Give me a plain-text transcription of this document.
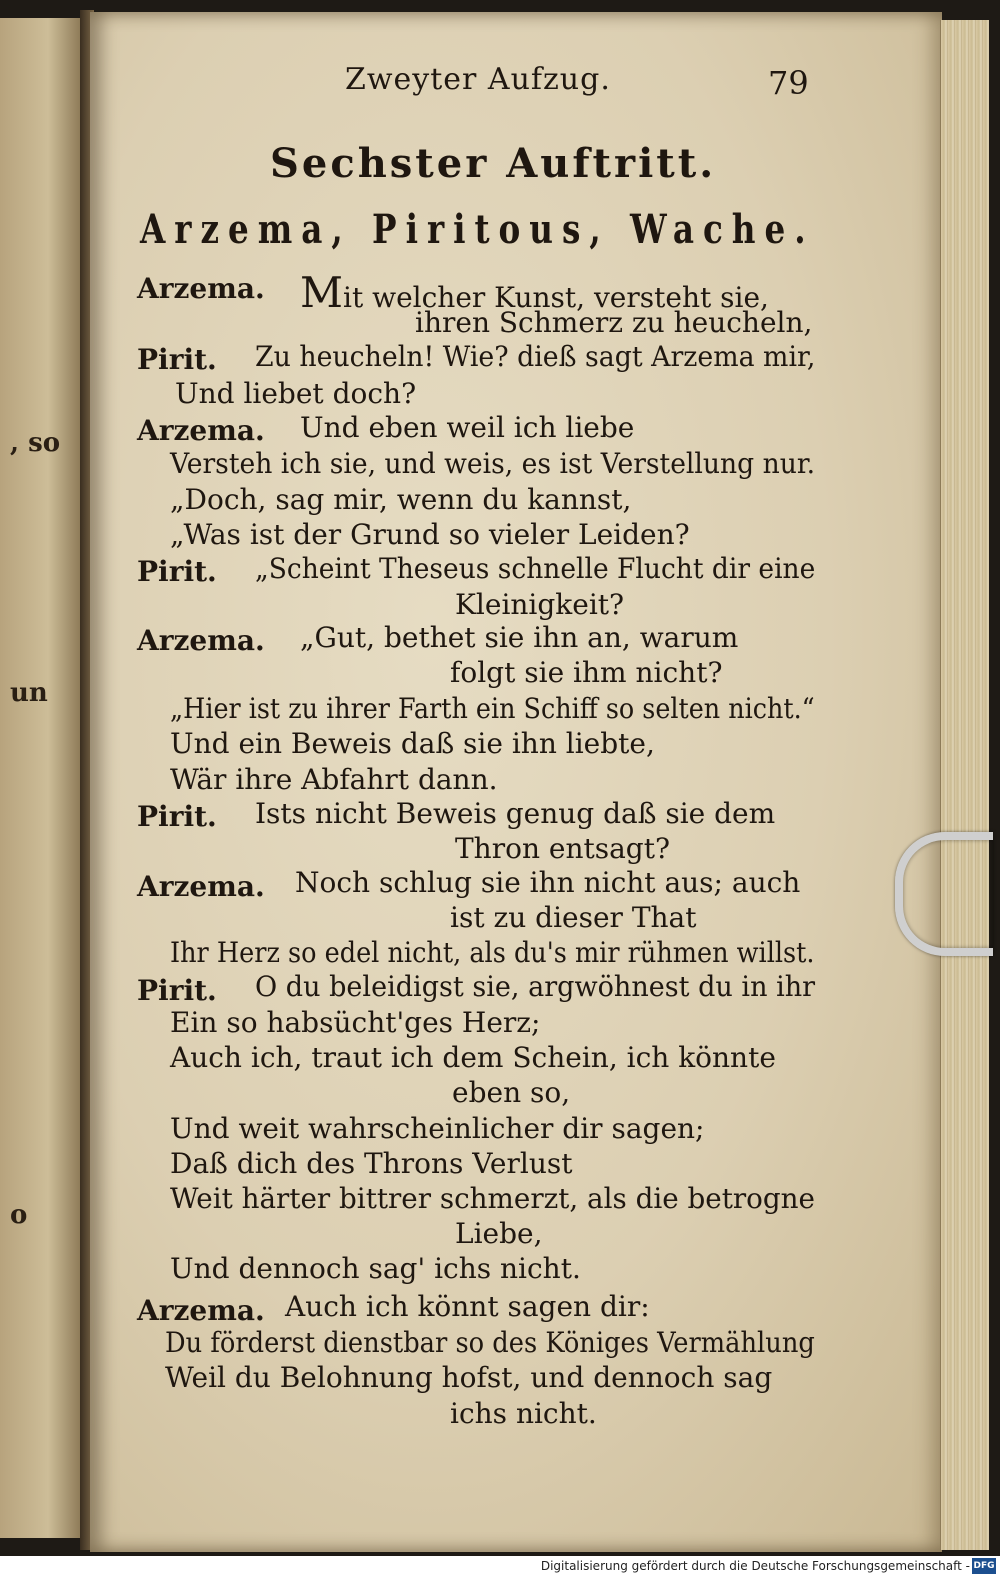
, so
un
o
Zweyter Aufzug.	79
Sechster Auftritt.
Arzema, Piritous, Wache.
Arzema. Mit welcher Kunst, versteht sie,
ihren Schmerz zu heucheln,
Pirit. Zu heucheln! Wie? dieß sagt Arzema mir,
Und liebet doch?
Arzema. Und eben weil ich liebe
Versteh ich sie, und weis, es ist Verstellung nur.
„Doch, sag mir, wenn du kannst,
„Was ist der Grund so vieler Leiden?
Pirit. „Scheint Theseus schnelle Flucht dir eine
Kleinigkeit?
Arzema. „Gut, bethet sie ihn an, warum
folgt sie ihm nicht?
„Hier ist zu ihrer Farth ein Schiff so selten nicht.“
Und ein Beweis daß sie ihn liebte,
Wär ihre Abfahrt dann.
Pirit. Ists nicht Beweis genug daß sie dem
Thron entsagt?
Arzema. Noch schlug sie ihn nicht aus; auch
ist zu dieser That
Ihr Herz so edel nicht, als du's mir rühmen willst.
Pirit. O du beleidigst sie, argwöhnest du in ihr
Ein so habsücht'ges Herz;
Auch ich, traut ich dem Schein, ich könnte
eben so,
Und weit wahrscheinlicher dir sagen;
Daß dich des Throns Verlust
Weit härter bittrer schmerzt, als die betrogne
Liebe,
Und dennoch sag' ichs nicht.
Arzema. Auch ich könnt sagen dir:
Du förderst dienstbar so des Königes Vermählung
Weil du Belohnung hofst, und dennoch sag
ichs nicht.
Digitalisierung gefördert durch die Deutsche Forschungsgemeinschaft - DFG
